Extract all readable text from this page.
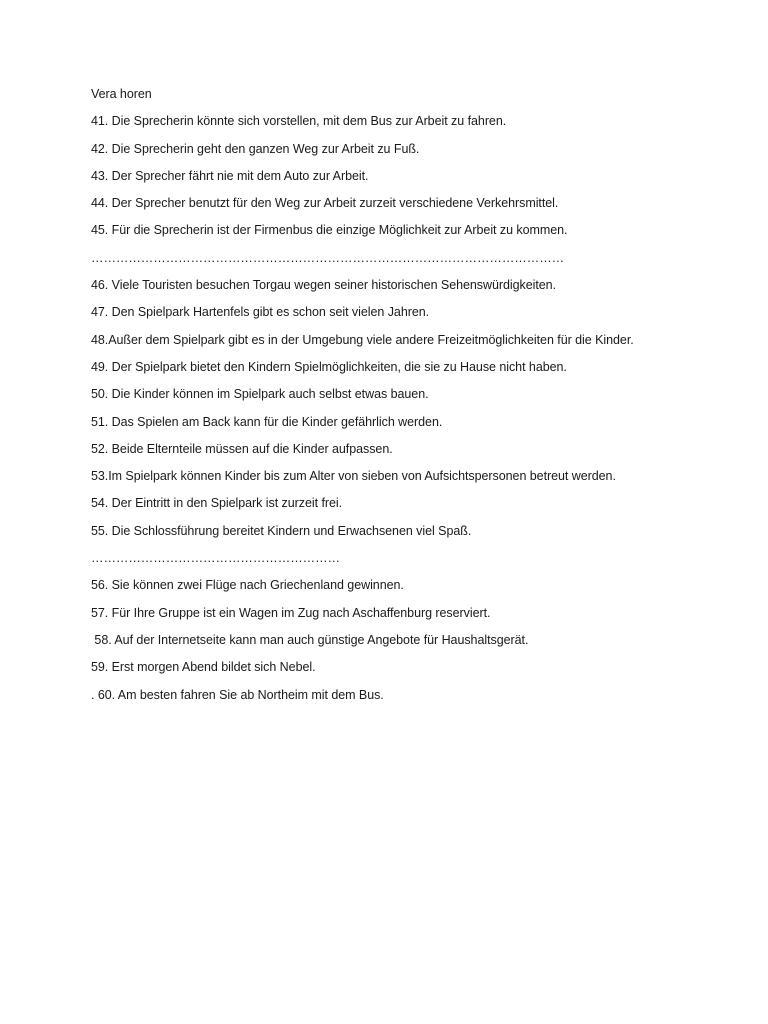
Vera horen
41. Die Sprecherin könnte sich vorstellen, mit dem Bus zur Arbeit zu fahren.
42. Die Sprecherin geht den ganzen Weg zur Arbeit zu Fuß.
43. Der Sprecher fährt nie mit dem Auto zur Arbeit.
44. Der Sprecher benutzt für den Weg zur Arbeit zurzeit verschiedene Verkehrsmittel.
45. Für die Sprecherin ist der Firmenbus die einzige Möglichkeit zur Arbeit zu kommen.
……………………………………………………………………………………………………
46. Viele Touristen besuchen Torgau wegen seiner historischen Sehenswürdigkeiten.
47. Den Spielpark Hartenfels gibt es schon seit vielen Jahren.
48.Außer dem Spielpark gibt es in der Umgebung viele andere Freizeitmöglichkeiten für die Kinder.
49. Der Spielpark bietet den Kindern Spielmöglichkeiten, die sie zu Hause nicht haben.
50. Die Kinder können im Spielpark auch selbst etwas bauen.
51. Das Spielen am Back kann für die Kinder gefährlich werden.
52. Beide Elternteile müssen auf die Kinder aufpassen.
53.Im Spielpark können Kinder bis zum Alter von sieben von Aufsichtspersonen betreut werden.
54. Der Eintritt in den Spielpark ist zurzeit frei.
55. Die Schlossführung bereitet Kindern und Erwachsenen viel Spaß.
……………………………………………………
56. Sie können zwei Flüge nach Griechenland gewinnen.
57. Für Ihre Gruppe ist ein Wagen im Zug nach Aschaffenburg reserviert.
58. Auf der Internetseite kann man auch günstige Angebote für Haushaltsgerät.
59. Erst morgen Abend bildet sich Nebel.
. 60. Am besten fahren Sie ab Northeim mit dem Bus.
